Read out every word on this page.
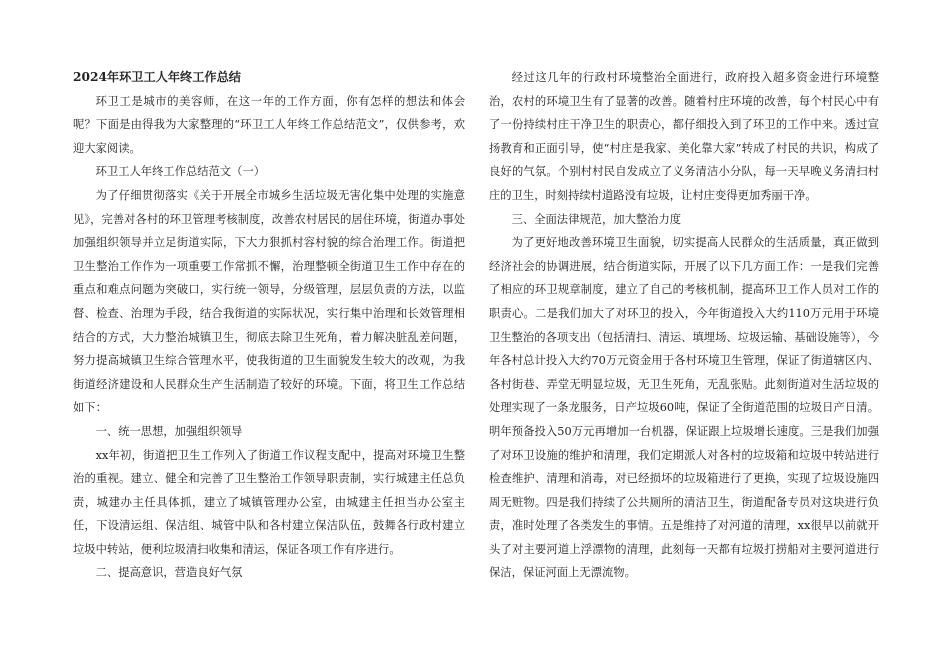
2024年环卫工人年终工作总结

环卫工是城市的美容师，在这一年的工作方面，你有怎样的想法和体会呢？下面是由得我为大家整理的“环卫工人年终工作总结范文”，仅供参考，欢迎大家阅读。

环卫工人年终工作总结范文（一）

为了仔细贯彻落实《关于开展全市城乡生活垃圾无害化集中处理的实施意见》，完善对各村的环卫管理考核制度，改善农村居民的居住环境，街道办事处加强组织领导并立足街道实际，下大力狠抓村容村貌的综合治理工作。街道把卫生整治工作作为一项重要工作常抓不懈，治理整顿全街道卫生工作中存在的重点和难点问题为突破口，实行统一领导，分级管理，层层负责的方法，以监督、检查、治理为手段，结合我街道的实际状况，实行集中治理和长效管理相结合的方式，大力整治城镇卫生，彻底去除卫生死角，着力解决脏乱差问题，努力提高城镇卫生综合管理水平，使我街道的卫生面貌发生较大的改观，为我街道经济建设和人民群众生产生活制造了较好的环境。下面，将卫生工作总结如下：

一、统一思想，加强组织领导

xx年初，街道把卫生工作列入了街道工作议程支配中，提高对环境卫生整治的重视。建立、健全和完善了卫生整治工作领导职责制，实行城建主任总负责，城建办主任具体抓，建立了城镇管理办公室，由城建主任担当办公室主任，下设清运组、保洁组、城管中队和各村建立保洁队伍，鼓舞各行政村建立垃圾中转站，便利垃圾清扫收集和清运，保证各项工作有序进行。

二、提高意识，营造良好气氛

经过这几年的行政村环境整治全面进行，政府投入超多资金进行环境整治，农村的环境卫生有了显著的改善。随着村庄环境的改善，每个村民心中有了一份持续村庄干净卫生的职责心，都仔细投入到了环卫的工作中来。透过宣扬教育和正面引导，使“村庄是我家、美化靠大家”转成了村民的共识，构成了良好的气氛。个别村村民自发成立了义务清洁小分队，每一天早晚义务清扫村庄的卫生，时刻持续村道路没有垃圾，让村庄变得更加秀丽干净。

三、全面法律规范，加大整治力度

为了更好地改善环境卫生面貌，切实提高人民群众的生活质量，真正做到经济社会的协调进展，结合街道实际，开展了以下几方面工作：一是我们完善了相应的环卫规章制度，建立了自己的考核机制，提高环卫工作人员对工作的职责心。二是我们加大了对环卫的投入，今年街道投入大约110万元用于环境卫生整治的各项支出（包括清扫、清运、填埋场、垃圾运输、基础设施等），今年各村总计投入大约70万元资金用于各村环境卫生管理，保证了街道辖区内、各村街巷、弄堂无明显垃圾，无卫生死角，无乱张贴。此刻街道对生活垃圾的处理实现了一条龙服务，日产垃圾60吨，保证了全街道范围的垃圾日产日清。明年预备投入50万元再增加一台机器，保证跟上垃圾增长速度。三是我们加强了对环卫设施的维护和清理，我们定期派人对各村的垃圾箱和垃圾中转站进行检查维护、清理和消毒，对已经损坏的垃圾箱进行了更换，实现了垃圾设施四周无赃物。四是我们持续了公共厕所的清洁卫生，街道配备专员对这块进行负责，准时处理了各类发生的事情。五是维持了对河道的清理，xx很早以前就开头了对主要河道上浮漂物的清理，此刻每一天都有垃圾打捞船对主要河道进行保洁，保证河面上无漂流物。
